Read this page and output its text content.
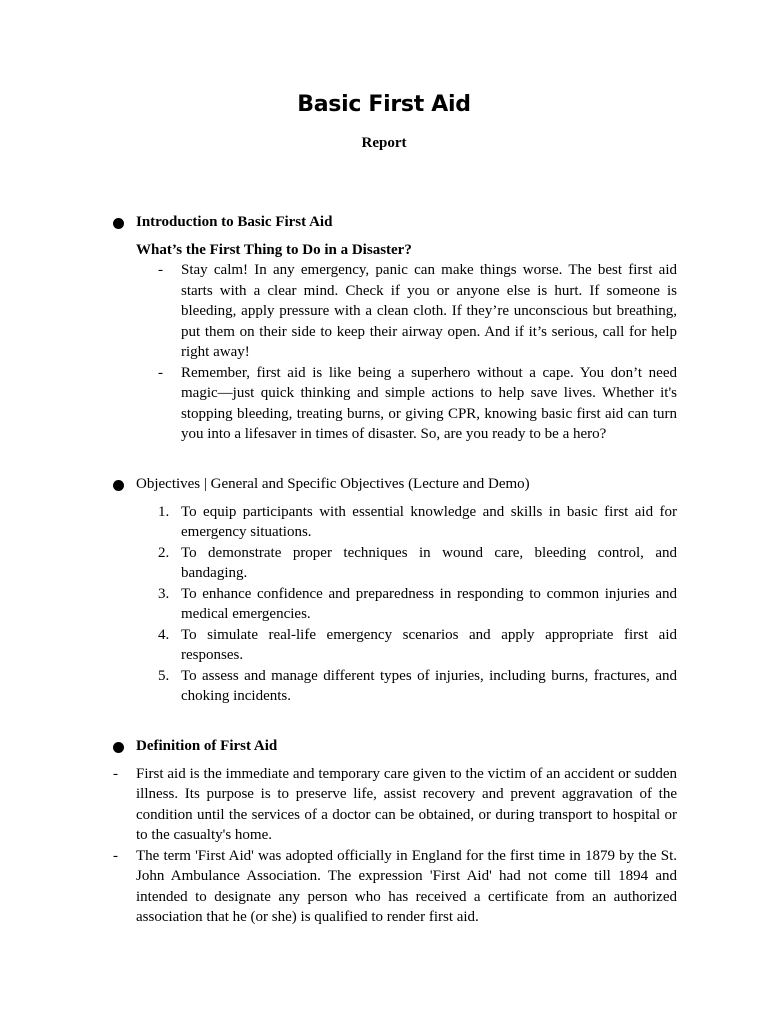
Basic First Aid
Report
Introduction to Basic First Aid
What’s the First Thing to Do in a Disaster?
- Stay calm! In any emergency, panic can make things worse. The best first aid starts with a clear mind. Check if you or anyone else is hurt. If someone is bleeding, apply pressure with a clean cloth. If they’re unconscious but breathing, put them on their side to keep their airway open. And if it’s serious, call for help right away!
- Remember, first aid is like being a superhero without a cape. You don’t need magic—just quick thinking and simple actions to help save lives. Whether it's stopping bleeding, treating burns, or giving CPR, knowing basic first aid can turn you into a lifesaver in times of disaster. So, are you ready to be a hero?
Objectives | General and Specific Objectives (Lecture and Demo)
1. To equip participants with essential knowledge and skills in basic first aid for emergency situations.
2. To demonstrate proper techniques in wound care, bleeding control, and bandaging.
3. To enhance confidence and preparedness in responding to common injuries and medical emergencies.
4. To simulate real-life emergency scenarios and apply appropriate first aid responses.
5. To assess and manage different types of injuries, including burns, fractures, and choking incidents.
Definition of First Aid
- First aid is the immediate and temporary care given to the victim of an accident or sudden illness. Its purpose is to preserve life, assist recovery and prevent aggravation of the condition until the services of a doctor can be obtained, or during transport to hospital or to the casualty's home.
- The term 'First Aid' was adopted officially in England for the first time in 1879 by the St. John Ambulance Association. The expression 'First Aid' had not come till 1894 and intended to designate any person who has received a certificate from an authorized association that he (or she) is qualified to render first aid.
